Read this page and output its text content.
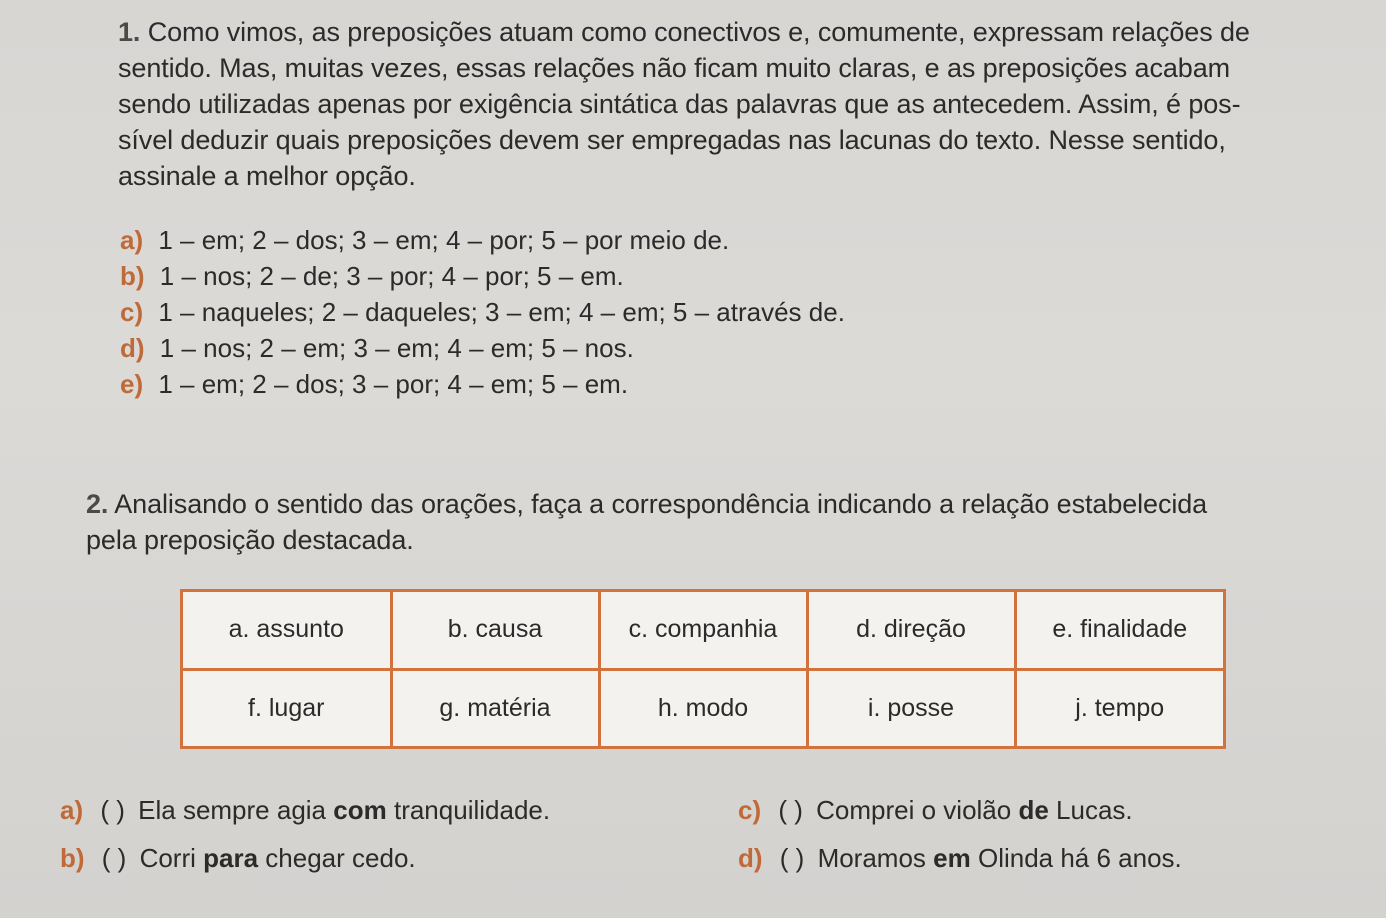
1. Como vimos, as preposições atuam como conectivos e, comumente, expressam relações de
sentido. Mas, muitas vezes, essas relações não ficam muito claras, e as preposições acabam
sendo utilizadas apenas por exigência sintática das palavras que as antecedem. Assim, é pos-
sível deduzir quais preposições devem ser empregadas nas lacunas do texto. Nesse sentido,
assinale a melhor opção.
a) 1 – em; 2 – dos; 3 – em; 4 – por; 5 – por meio de.
b) 1 – nos; 2 – de; 3 – por; 4 – por; 5 – em.
c) 1 – naqueles; 2 – daqueles; 3 – em; 4 – em; 5 – através de.
d) 1 – nos; 2 – em; 3 – em; 4 – em; 5 – nos.
e) 1 – em; 2 – dos; 3 – por; 4 – em; 5 – em.
2. Analisando o sentido das orações, faça a correspondência indicando a relação estabelecida
pela preposição destacada.
a. assunto	b. causa	c. companhia	d. direção	e. finalidade
f. lugar	g. matéria	h. modo	i. posse	j. tempo
a) ( ) Ela sempre agia com tranquilidade.
b) ( ) Corri para chegar cedo.
c) ( ) Comprei o violão de Lucas.
d) ( ) Moramos em Olinda há 6 anos.
